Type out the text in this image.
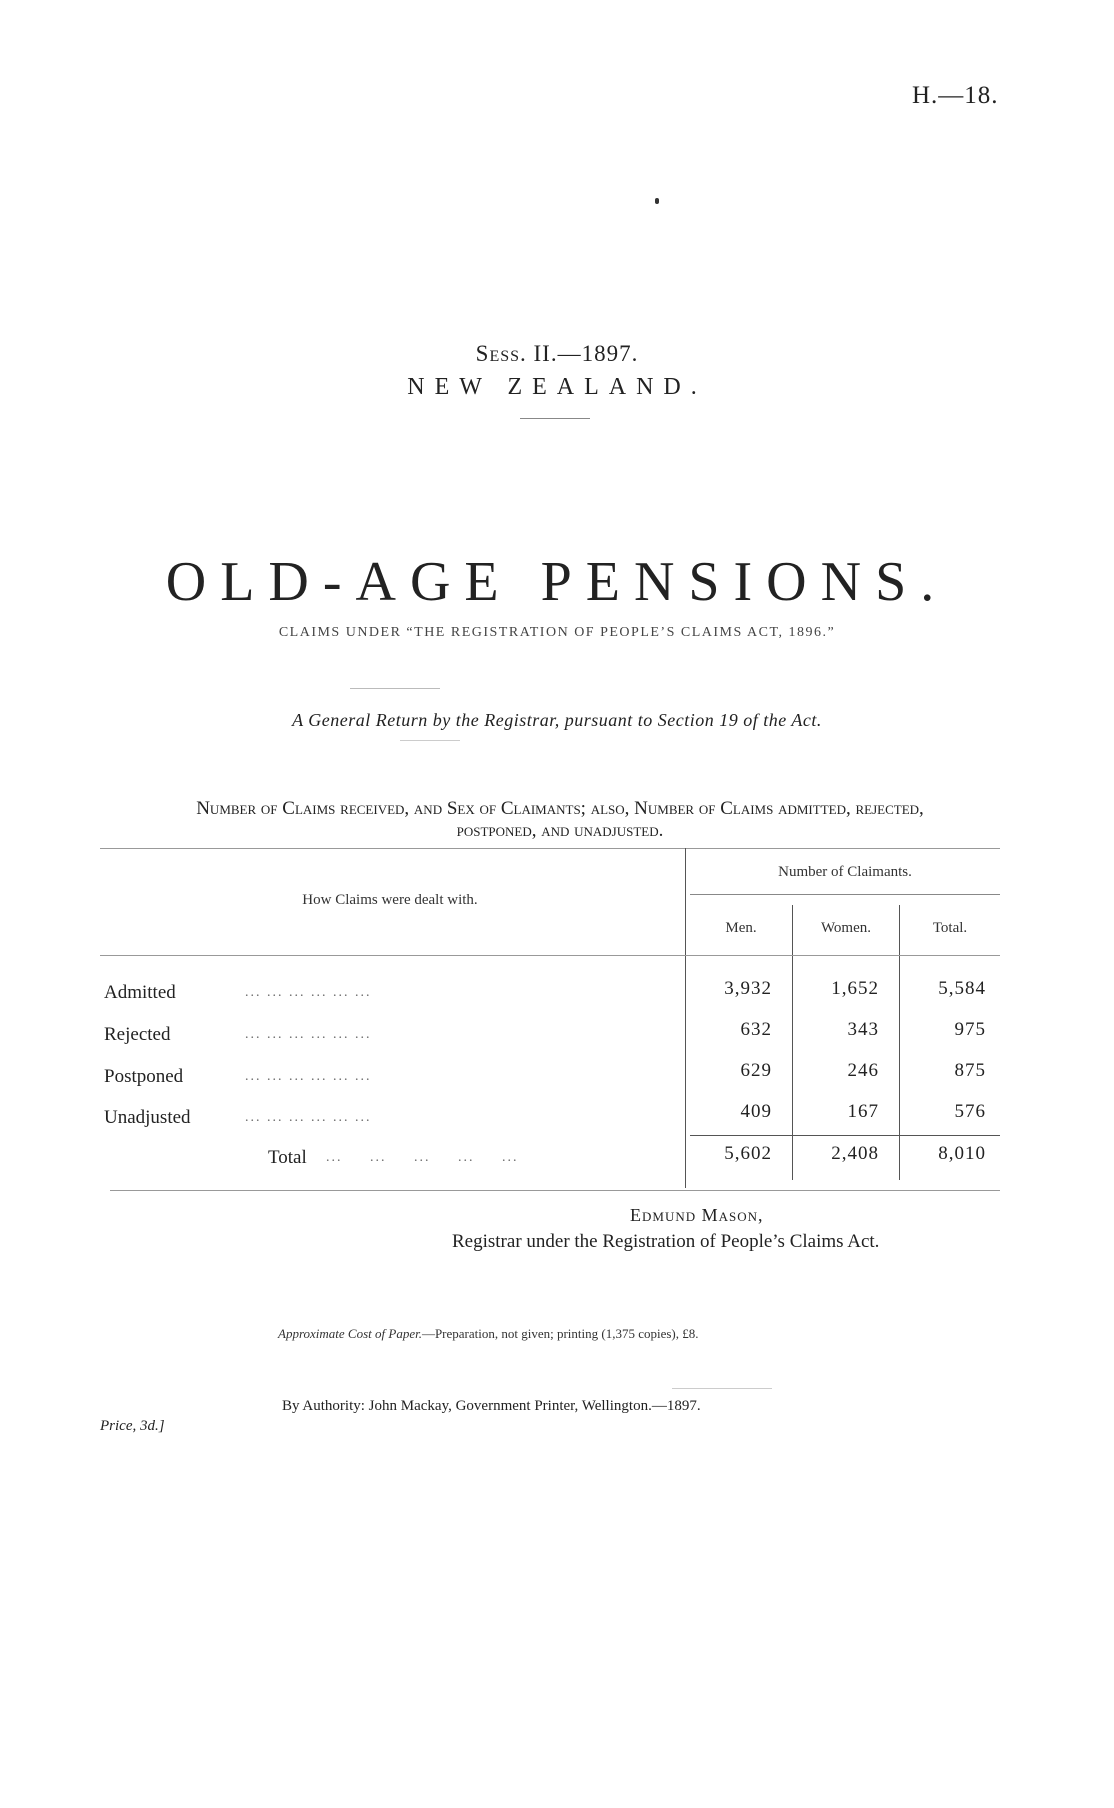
H.—18.
Sess. II.—1897.
NEW ZEALAND.
OLD-AGE PENSIONS.
CLAIMS UNDER “THE REGISTRATION OF PEOPLE’S CLAIMS ACT, 1896.”
A General Return by the Registrar, pursuant to Section 19 of the Act.
Number of Claims received, and Sex of Claimants; also, Number of Claims admitted, rejected,
postponed, and unadjusted.
How Claims were dealt with.
Number of Claimants.
Men.	Women.	Total.
Admitted	... ... ... ... ... ...	3,932	1,652	5,584
Rejected	... ... ... ... ... ...	632	343	975
Postponed	... ... ... ... ... ...	629	246	875
Unadjusted	... ... ... ... ... ...	409	167	576
Total ...     ...     ...     ...     ...	5,602	2,408	8,010
Edmund Mason,
Registrar under the Registration of People’s Claims Act.
Approximate Cost of Paper.—Preparation, not given; printing (1,375 copies), £8.
By Authority: John Mackay, Government Printer, Wellington.—1897.
Price, 3d.]
